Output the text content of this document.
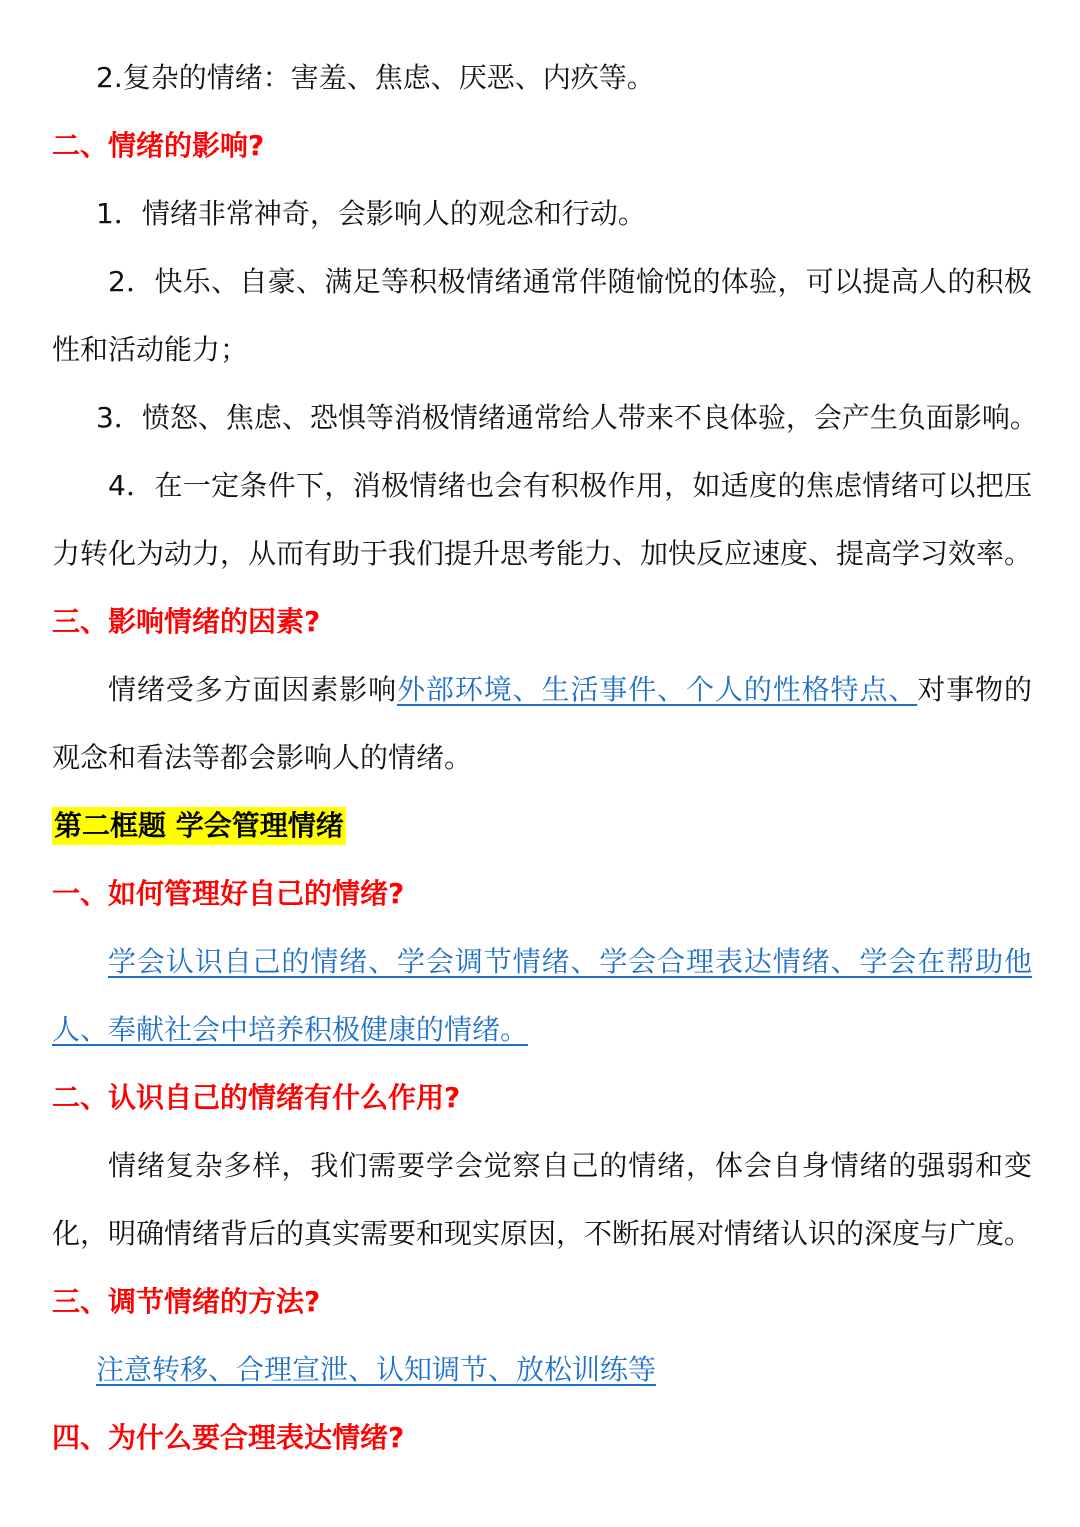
2.复杂的情绪：害羞、焦虑、厌恶、内疚等。

二、情绪的影响?

1．情绪非常神奇，会影响人的观念和行动。

2．快乐、自豪、满足等积极情绪通常伴随愉悦的体验，可以提高人的积极性和活动能力；

3．愤怒、焦虑、恐惧等消极情绪通常给人带来不良体验，会产生负面影响。

4．在一定条件下，消极情绪也会有积极作用，如适度的焦虑情绪可以把压力转化为动力，从而有助于我们提升思考能力、加快反应速度、提高学习效率。

三、影响情绪的因素?

情绪受多方面因素影响外部环境、生活事件、个人的性格特点、对事物的观念和看法等都会影响人的情绪。

第二框题 学会管理情绪

一、如何管理好自己的情绪?

学会认识自己的情绪、学会调节情绪、学会合理表达情绪、学会在帮助他人、奉献社会中培养积极健康的情绪。

二、认识自己的情绪有什么作用?

情绪复杂多样，我们需要学会觉察自己的情绪，体会自身情绪的强弱和变化，明确情绪背后的真实需要和现实原因，不断拓展对情绪认识的深度与广度。

三、调节情绪的方法?

注意转移、合理宣泄、认知调节、放松训练等

四、为什么要合理表达情绪?
